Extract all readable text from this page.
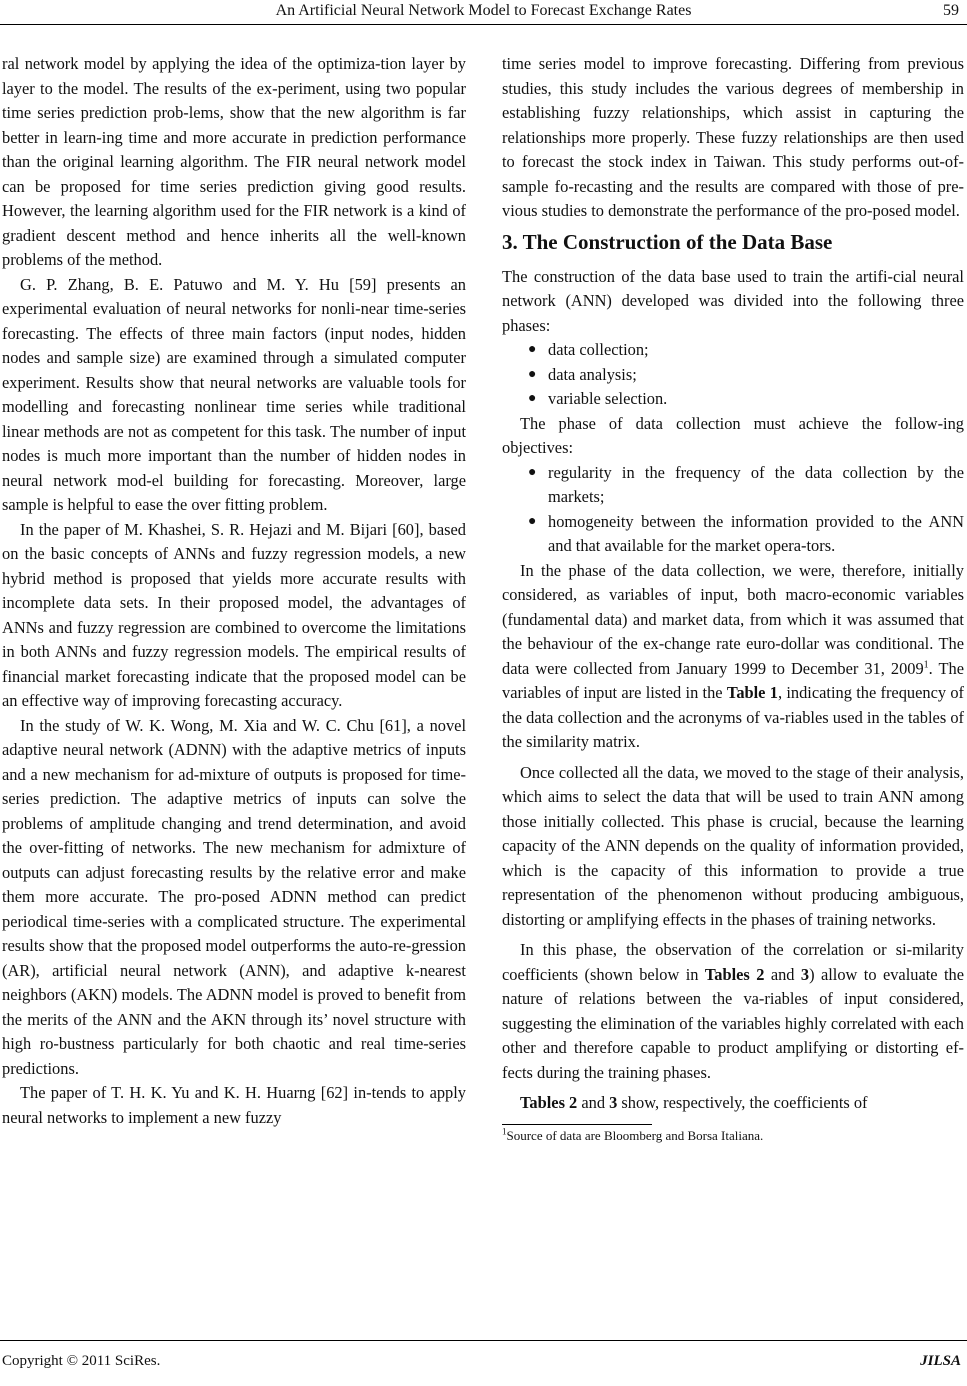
An Artificial Neural Network Model to Forecast Exchange Rates	59

ral network model by applying the idea of the optimiza-tion layer by layer to the model. The results of the ex-periment, using two popular time series prediction prob-lems, show that the new algorithm is far better in learn-ing time and more accurate in prediction performance than the original learning algorithm. The FIR neural network model can be proposed for time series prediction giving good results. However, the learning algorithm used for the FIR network is a kind of gradient descent method and hence inherits all the well-known problems of the method.

G. P. Zhang, B. E. Patuwo and M. Y. Hu [59] presents an experimental evaluation of neural networks for nonli-near time-series forecasting. The effects of three main factors (input nodes, hidden nodes and sample size) are examined through a simulated computer experiment. Results show that neural networks are valuable tools for modelling and forecasting nonlinear time series while traditional linear methods are not as competent for this task. The number of input nodes is much more important than the number of hidden nodes in neural network mod-el building for forecasting. Moreover, large sample is helpful to ease the over fitting problem.

In the paper of M. Khashei, S. R. Hejazi and M. Bijari [60], based on the basic concepts of ANNs and fuzzy regression models, a new hybrid method is proposed that yields more accurate results with incomplete data sets. In their proposed model, the advantages of ANNs and fuzzy regression are combined to overcome the limitations in both ANNs and fuzzy regression models. The empirical results of financial market forecasting indicate that the proposed model can be an effective way of improving forecasting accuracy.

In the study of W. K. Wong, M. Xia and W. C. Chu [61], a novel adaptive neural network (ADNN) with the adaptive metrics of inputs and a new mechanism for ad-mixture of outputs is proposed for time-series prediction. The adaptive metrics of inputs can solve the problems of amplitude changing and trend determination, and avoid the over-fitting of networks. The new mechanism for admixture of outputs can adjust forecasting results by the relative error and make them more accurate. The pro-posed ADNN method can predict periodical time-series with a complicated structure. The experimental results show that the proposed model outperforms the auto-re-gression (AR), artificial neural network (ANN), and adaptive k-nearest neighbors (AKN) models. The ADNN model is proved to benefit from the merits of the ANN and the AKN through its’ novel structure with high ro-bustness particularly for both chaotic and real time-series predictions.

The paper of T. H. K. Yu and K. H. Huarng [62] in-tends to apply neural networks to implement a new fuzzy

time series model to improve forecasting. Differing from previous studies, this study includes the various degrees of membership in establishing fuzzy relationships, which assist in capturing the relationships more properly. These fuzzy relationships are then used to forecast the stock index in Taiwan. This study performs out-of-sample fo-recasting and the results are compared with those of pre-vious studies to demonstrate the performance of the pro-posed model.

3. The Construction of the Data Base

The construction of the data base used to train the artifi-cial neural network (ANN) developed was divided into the following three phases:

● data collection;
● data analysis;
● variable selection.

The phase of data collection must achieve the follow-ing objectives:

● regularity in the frequency of the data collection by the markets;
● homogeneity between the information provided to the ANN and that available for the market opera-tors.

In the phase of the data collection, we were, therefore, initially considered, as variables of input, both macro-economic variables (fundamental data) and market data, from which it was assumed that the behaviour of the ex-change rate euro-dollar was conditional. The data were collected from January 1999 to December 31, 2009$^1$. The variables of input are listed in the Table 1, indicating the frequency of the data collection and the acronyms of va-riables used in the tables of the similarity matrix.

Once collected all the data, we moved to the stage of their analysis, which aims to select the data that will be used to train ANN among those initially collected. This phase is crucial, because the learning capacity of the ANN depends on the quality of information provided, which is the capacity of this information to provide a true representation of the phenomenon without producing ambiguous, distorting or amplifying effects in the phases of training networks.

In this phase, the observation of the correlation or si-milarity coefficients (shown below in Tables 2 and 3) allow to evaluate the nature of relations between the va-riables of input considered, suggesting the elimination of the variables highly correlated with each other and therefore capable to product amplifying or distorting ef-fects during the training phases.

Tables 2 and 3 show, respectively, the coefficients of

$^1$Source of data are Bloomberg and Borsa Italiana.
Copyright © 2011 SciRes.	JILSA
